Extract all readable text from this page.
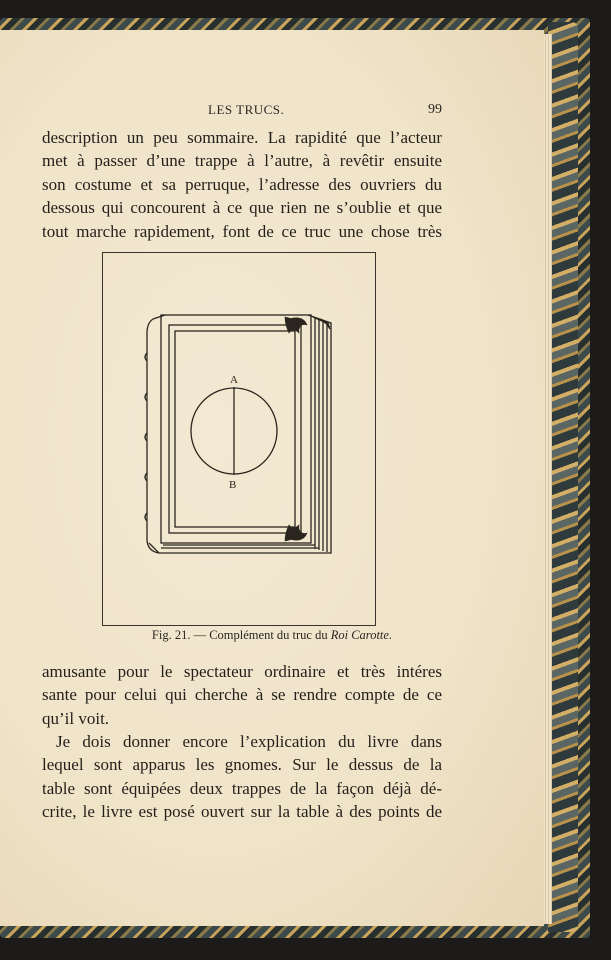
LES TRUCS.	99
description un peu sommaire. La rapidité que l’acteur
met à passer d’une trappe à l’autre, à revêtir ensuite
son costume et sa perruque, l’adresse des ouvriers du
dessous qui concourent à ce que rien ne s’oublie et que
tout marche rapidement, font de ce truc une chose très
A
B
Fig. 21. — Complément du truc du Roi Carotte.
amusante pour le spectateur ordinaire et très intéres
sante pour celui qui cherche à se rendre compte de ce
qu’il voit.
Je dois donner encore l’explication du livre dans
lequel sont apparus les gnomes. Sur le dessus de la
table sont équipées deux trappes de la façon déjà dé-
crite, le livre est posé ouvert sur la table à des points de
